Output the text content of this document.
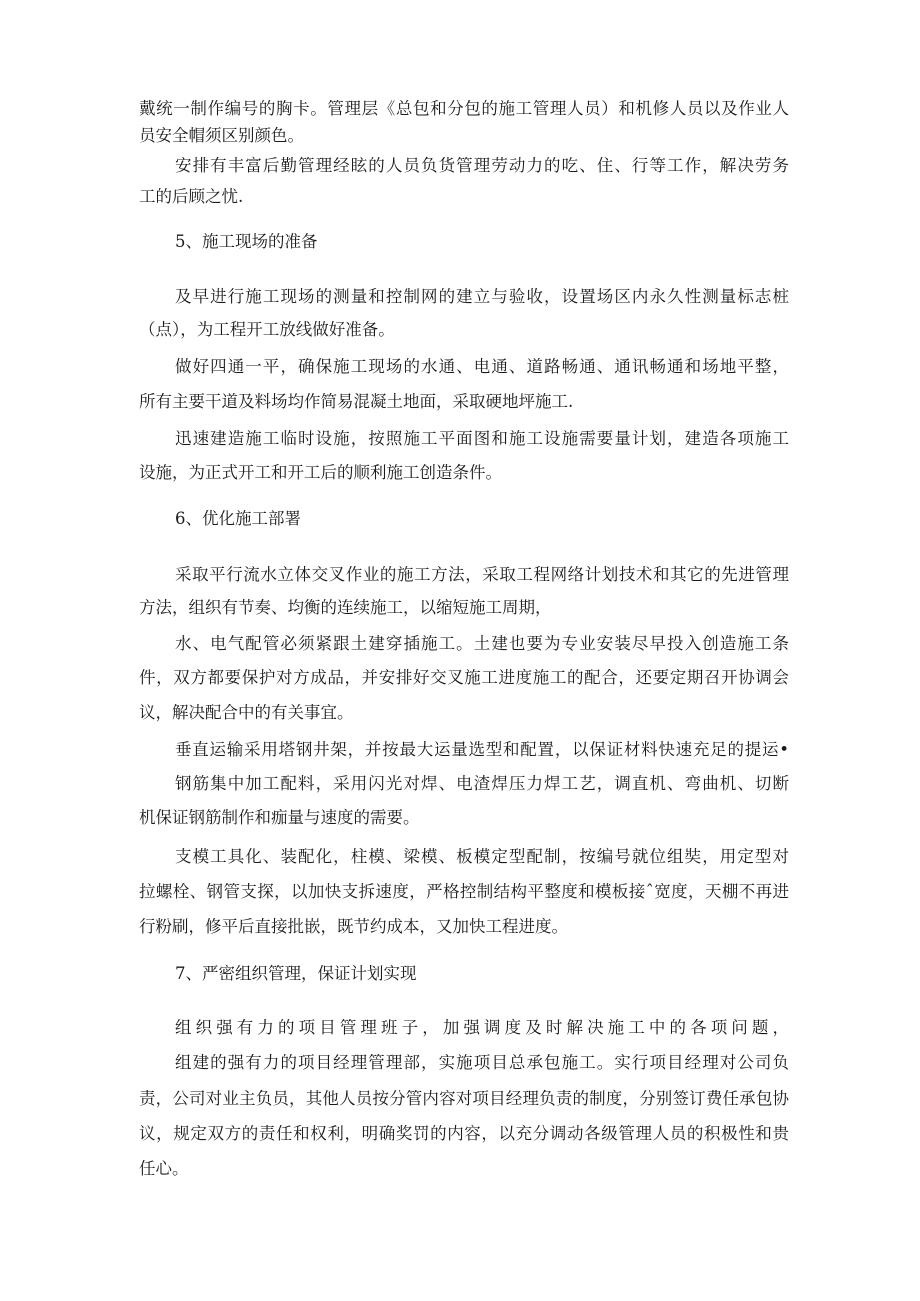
戴统一制作编号的胸卡。管理层《总包和分包的施工管理人员）和机修人员以及作业人
员安全帽须区别颜色。
安排有丰富后勤管理经眩的人员负货管理劳动力的吃、住、行等工作，解决劳务
工的后顾之忧.
5、施工现场的准备
及早进行施工现场的测量和控制网的建立与验收，设置场区内永久性测量标志桩
（点），为工程开工放线做好准备。
做好四通一平，确保施工现场的水通、电通、道路畅通、通讯畅通和场地平整，
所有主要干道及料场均作简易混凝土地面，采取硬地坪施工.
迅速建造施工临时设施，按照施工平面图和施工设施需要量计划，建造各项施工
设施，为正式开工和开工后的顺利施工创造条件。
6、优化施工部署
采取平行流水立体交叉作业的施工方法，采取工程网络计划技术和其它的先进管理
方法，组织有节奏、均衡的连续施工，以缩短施工周期，
水、电气配管必须紧跟土建穿插施工。土建也要为专业安装尽早投入创造施工条
件，双方都要保护对方成品，并安排好交叉施工进度施工的配合，还要定期召开协调会
议，解决配合中的有关事宜。
垂直运输采用塔钢井架，并按最大运量选型和配置，以保证材料快速充足的提运•
钢筋集中加工配料，采用闪光对焊、电渣焊压力焊工艺，调直机、弯曲机、切断
机保证钢筋制作和痂量与速度的需要。
支模工具化、装配化，柱模、梁模、板模定型配制，按编号就位组奘，用定型对
拉螺栓、钢管支探，以加快支拆速度，严格控制结构平整度和模板接ˆ宽度，天棚不再进
行粉刷，修平后直接批嵌，既节约成本，又加快工程进度。
7、严密组织管理，保证计划实现
组织强有力的项目管理班子，加强调度及时解决施工中的各项问题，
组建的强有力的项目经理管理部，实施项目总承包施工。实行项目经理对公司负
责，公司对业主负员，其他人员按分管内容对项目经理负责的制度，分别签订费任承包协
议，规定双方的责任和权利，明确奖罚的内容，以充分调动各级管理人员的积极性和贵
任心。
